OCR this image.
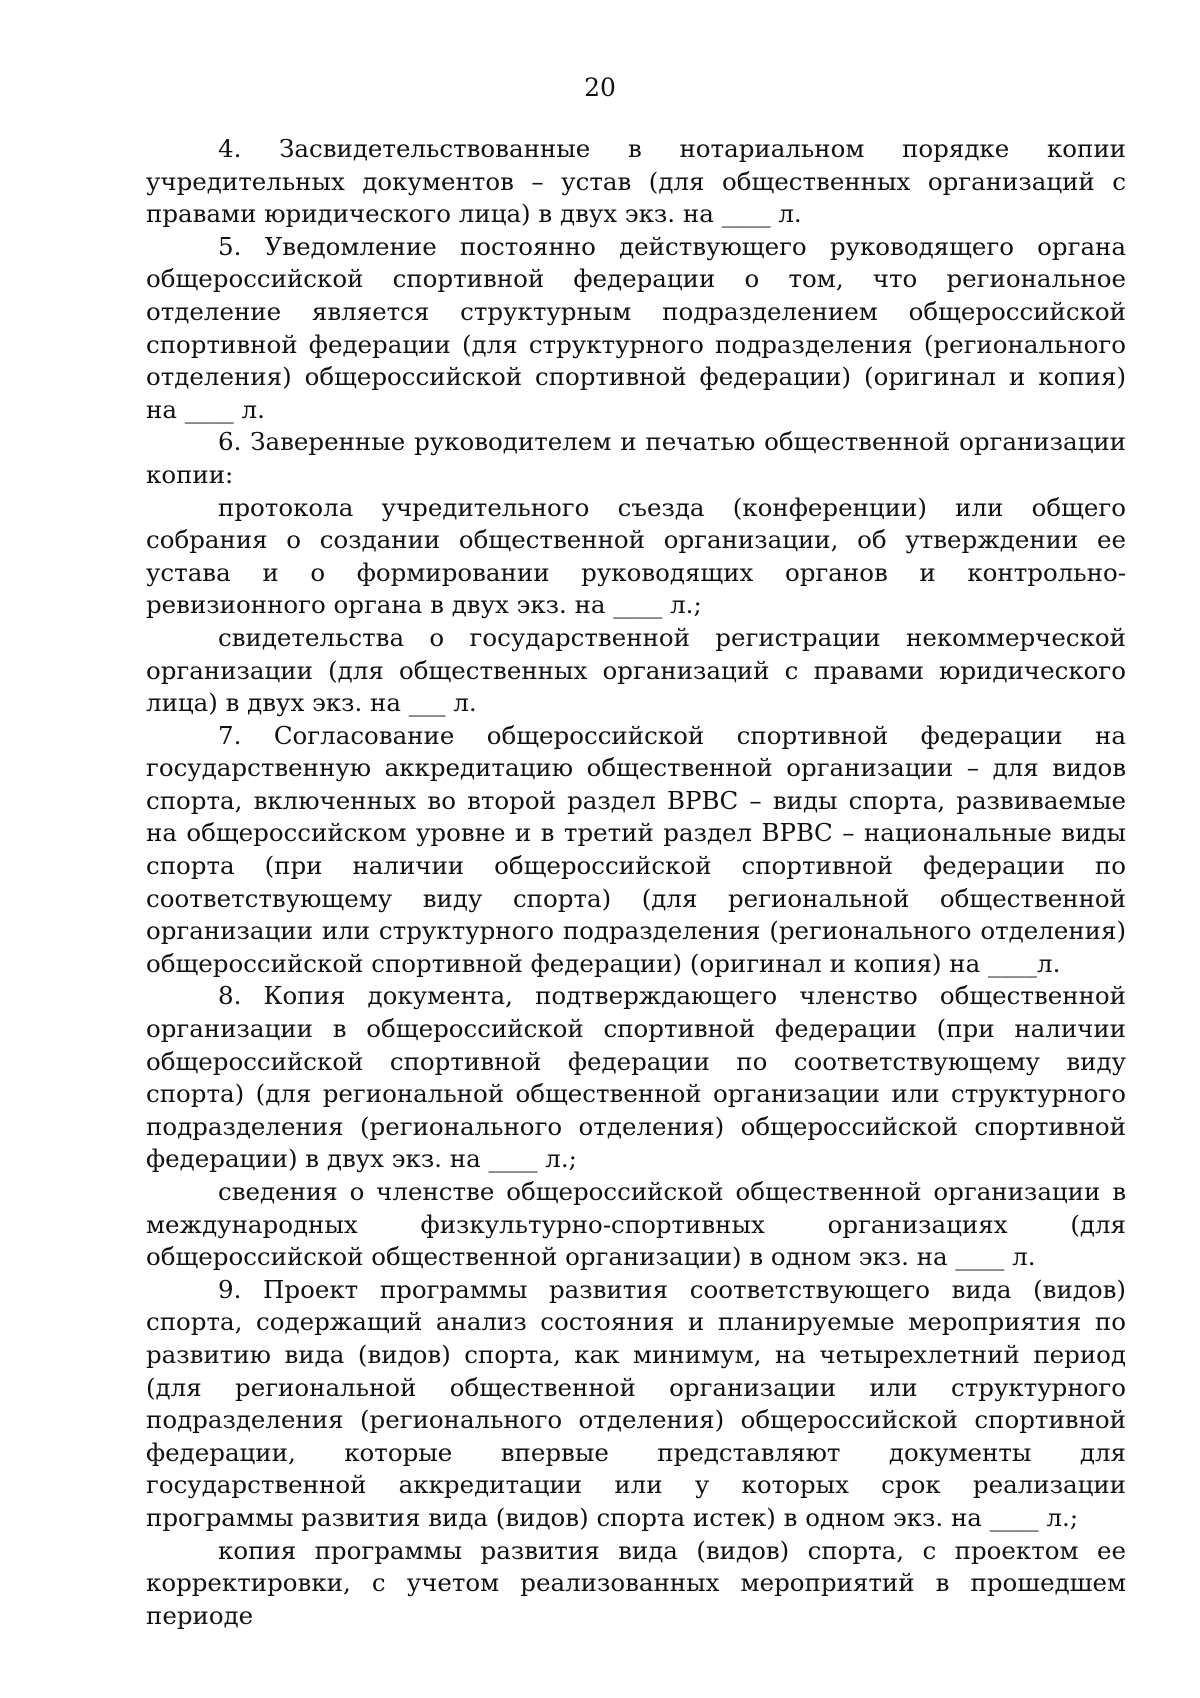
20

4. Засвидетельствованные в нотариальном порядке копии учредительных документов – устав (для общественных организаций с правами юридического лица) в двух экз. на ____ л.

5. Уведомление постоянно действующего руководящего органа общероссийской спортивной федерации о том, что региональное отделение является структурным подразделением общероссийской спортивной федерации (для структурного подразделения (регионального отделения) общероссийской спортивной федерации) (оригинал и копия) на ____ л.

6. Заверенные руководителем и печатью общественной организации копии:

протокола учредительного съезда (конференции) или общего собрания о создании общественной организации, об утверждении ее устава и о формировании руководящих органов и контрольно-ревизионного органа в двух экз. на ____ л.;

свидетельства о государственной регистрации некоммерческой организации (для общественных организаций с правами юридического лица) в двух экз. на ___ л.

7. Согласование общероссийской спортивной федерации на государственную аккредитацию общественной организации – для видов спорта, включенных во второй раздел ВРВС – виды спорта, развиваемые на общероссийском уровне и в третий раздел ВРВС – национальные виды спорта (при наличии общероссийской спортивной федерации по соответствующему виду спорта) (для региональной общественной организации или структурного подразделения (регионального отделения) общероссийской спортивной федерации) (оригинал и копия) на ____л.

8. Копия документа, подтверждающего членство общественной организации в общероссийской спортивной федерации (при наличии общероссийской спортивной федерации по соответствующему виду спорта) (для региональной общественной организации или структурного подразделения (регионального отделения) общероссийской спортивной федерации) в двух экз. на ____ л.;

сведения о членстве общероссийской общественной организации в международных физкультурно-спортивных организациях (для общероссийской общественной организации) в одном экз. на ____ л.

9. Проект программы развития соответствующего вида (видов) спорта, содержащий анализ состояния и планируемые мероприятия по развитию вида (видов) спорта, как минимум, на четырехлетний период (для региональной общественной организации или структурного подразделения (регионального отделения) общероссийской спортивной федерации, которые впервые представляют документы для государственной аккредитации или у которых срок реализации программы развития вида (видов) спорта истек) в одном экз. на ____ л.;

копия программы развития вида (видов) спорта, с проектом ее корректировки, с учетом реализованных мероприятий в прошедшем периоде
